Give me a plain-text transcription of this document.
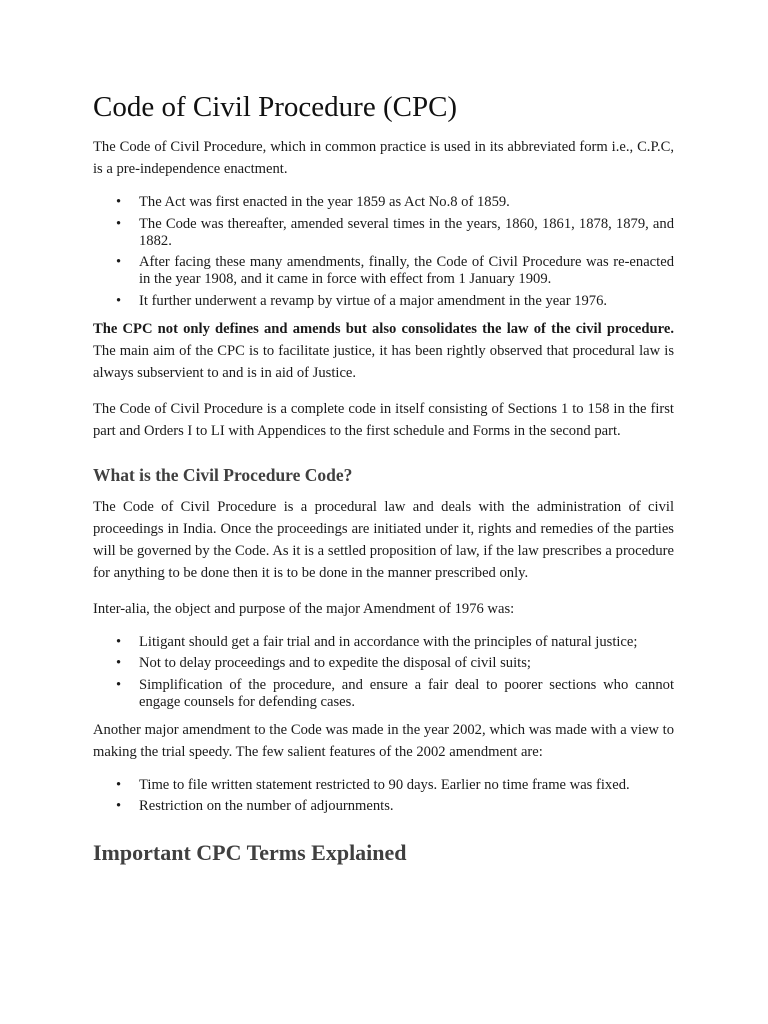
Code of Civil Procedure (CPC)

The Code of Civil Procedure, which in common practice is used in its abbreviated form i.e., C.P.C, is a pre-independence enactment.

• The Act was first enacted in the year 1859 as Act No.8 of 1859.
• The Code was thereafter, amended several times in the years, 1860, 1861, 1878, 1879, and 1882.
• After facing these many amendments, finally, the Code of Civil Procedure was re-enacted in the year 1908, and it came in force with effect from 1 January 1909.
• It further underwent a revamp by virtue of a major amendment in the year 1976.

The CPC not only defines and amends but also consolidates the law of the civil procedure. The main aim of the CPC is to facilitate justice, it has been rightly observed that procedural law is always subservient to and is in aid of Justice.

The Code of Civil Procedure is a complete code in itself consisting of Sections 1 to 158 in the first part and Orders I to LI with Appendices to the first schedule and Forms in the second part.

What is the Civil Procedure Code?

The Code of Civil Procedure is a procedural law and deals with the administration of civil proceedings in India. Once the proceedings are initiated under it, rights and remedies of the parties will be governed by the Code. As it is a settled proposition of law, if the law prescribes a procedure for anything to be done then it is to be done in the manner prescribed only.

Inter-alia, the object and purpose of the major Amendment of 1976 was:

• Litigant should get a fair trial and in accordance with the principles of natural justice;
• Not to delay proceedings and to expedite the disposal of civil suits;
• Simplification of the procedure, and ensure a fair deal to poorer sections who cannot engage counsels for defending cases.

Another major amendment to the Code was made in the year 2002, which was made with a view to making the trial speedy. The few salient features of the 2002 amendment are:

• Time to file written statement restricted to 90 days. Earlier no time frame was fixed.
• Restriction on the number of adjournments.
Important CPC Terms Explained
